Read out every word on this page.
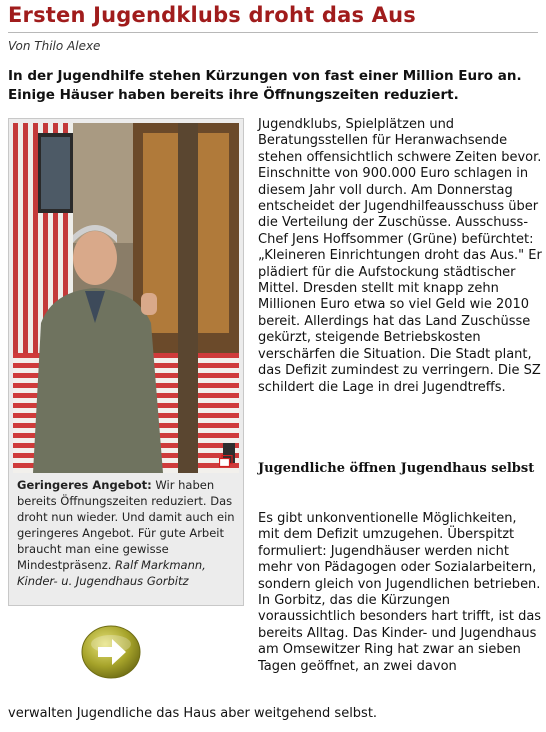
Ersten Jugendklubs droht das Aus
Von Thilo Alexe
In der Jugendhilfe stehen Kürzungen von fast einer Million Euro an. Einige Häuser haben bereits ihre Öffnungszeiten reduziert.
Geringeres Angebot: Wir haben bereits Öffnungszeiten reduziert. Das droht nun wieder. Und damit auch ein geringeres Angebot. Für gute Arbeit braucht man eine gewisse Mindestpräsenz. Ralf Markmann, Kinder- u. Jugendhaus Gorbitz

Jugendklubs, Spielplätzen und Beratungsstellen für Heranwachsende stehen offensichtlich schwere Zeiten bevor. Einschnitte von 900.000 Euro schlagen in diesem Jahr voll durch. Am Donnerstag entscheidet der Jugendhilfeausschuss über die Verteilung der Zuschüsse. Ausschuss-Chef Jens Hoffsommer (Grüne) befürchtet: „Kleineren Einrichtungen droht das Aus." Er plädiert für die Aufstockung städtischer Mittel. Dresden stellt mit knapp zehn Millionen Euro etwa so viel Geld wie 2010 bereit. Allerdings hat das Land Zuschüsse gekürzt, steigende Betriebskosten verschärfen die Situation. Die Stadt plant, das Defizit zumindest zu verringern. Die SZ schildert die Lage in drei Jugendtreffs.

Jugendliche öffnen Jugendhaus selbst

Es gibt unkonventionelle Möglichkeiten, mit dem Defizit umzugehen. Überspitzt formuliert: Jugendhäuser werden nicht mehr von Pädagogen oder Sozialarbeitern, sondern gleich von Jugendlichen betrieben. In Gorbitz, das die Kürzungen voraussichtlich besonders hart trifft, ist das bereits Alltag. Das Kinder- und Jugendhaus am Omsewitzer Ring hat zwar an sieben Tagen geöffnet, an zwei davon

verwalten Jugendliche das Haus aber weitgehend selbst.
